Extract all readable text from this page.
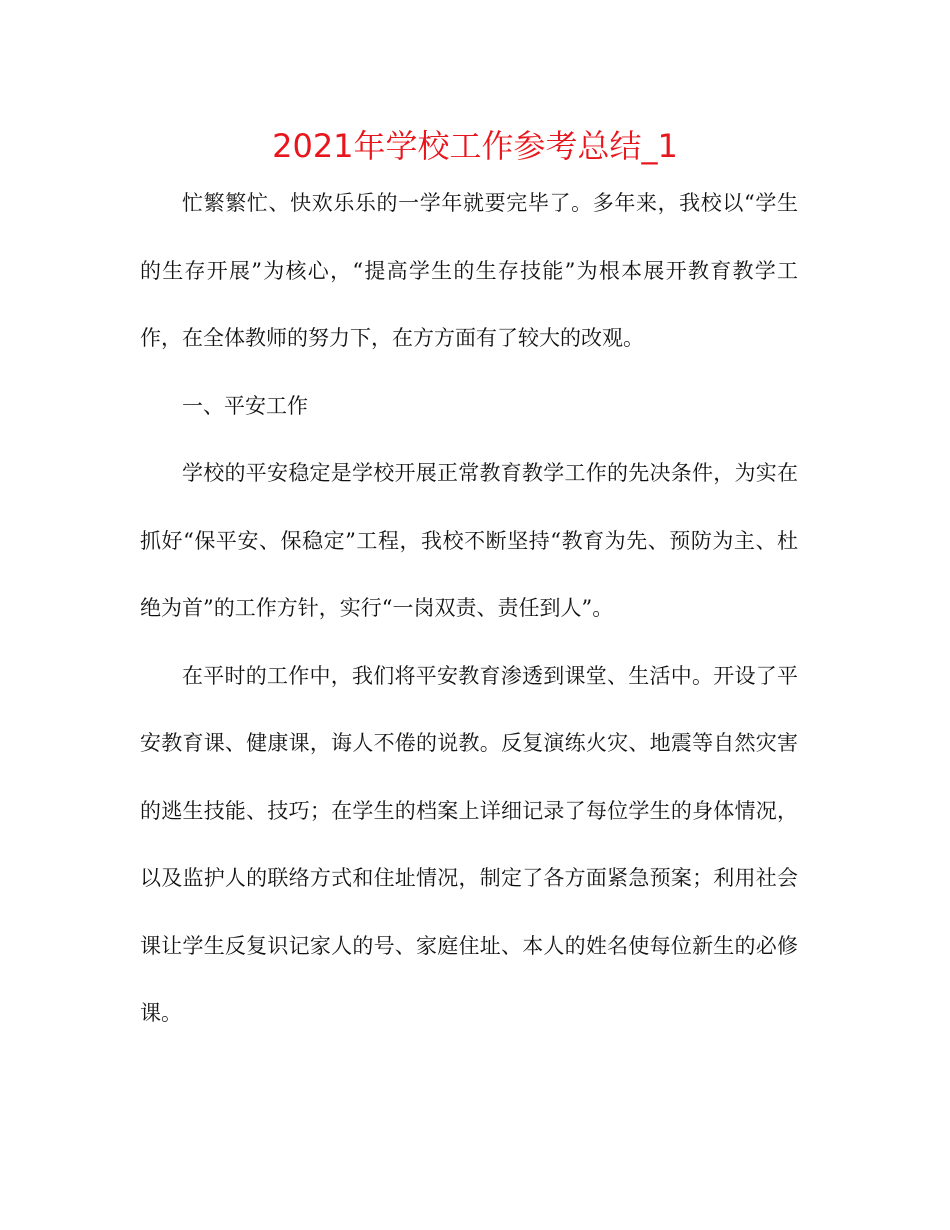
2021年学校工作参考总结_1

忙繁繁忙、快欢乐乐的一学年就要完毕了。多年来，我校以“学生的生存开展”为核心，“提高学生的生存技能”为根本展开教育教学工作，在全体教师的努力下，在方方面有了较大的改观。

一、平安工作

学校的平安稳定是学校开展正常教育教学工作的先决条件，为实在抓好“保平安、保稳定”工程，我校不断坚持“教育为先、预防为主、杜绝为首”的工作方针，实行“一岗双责、责任到人”。

在平时的工作中，我们将平安教育渗透到课堂、生活中。开设了平安教育课、健康课，诲人不倦的说教。反复演练火灾、地震等自然灾害的逃生技能、技巧；在学生的档案上详细记录了每位学生的身体情况，以及监护人的联络方式和住址情况，制定了各方面紧急预案；利用社会课让学生反复识记家人的号、家庭住址、本人的姓名使每位新生的必修课。
